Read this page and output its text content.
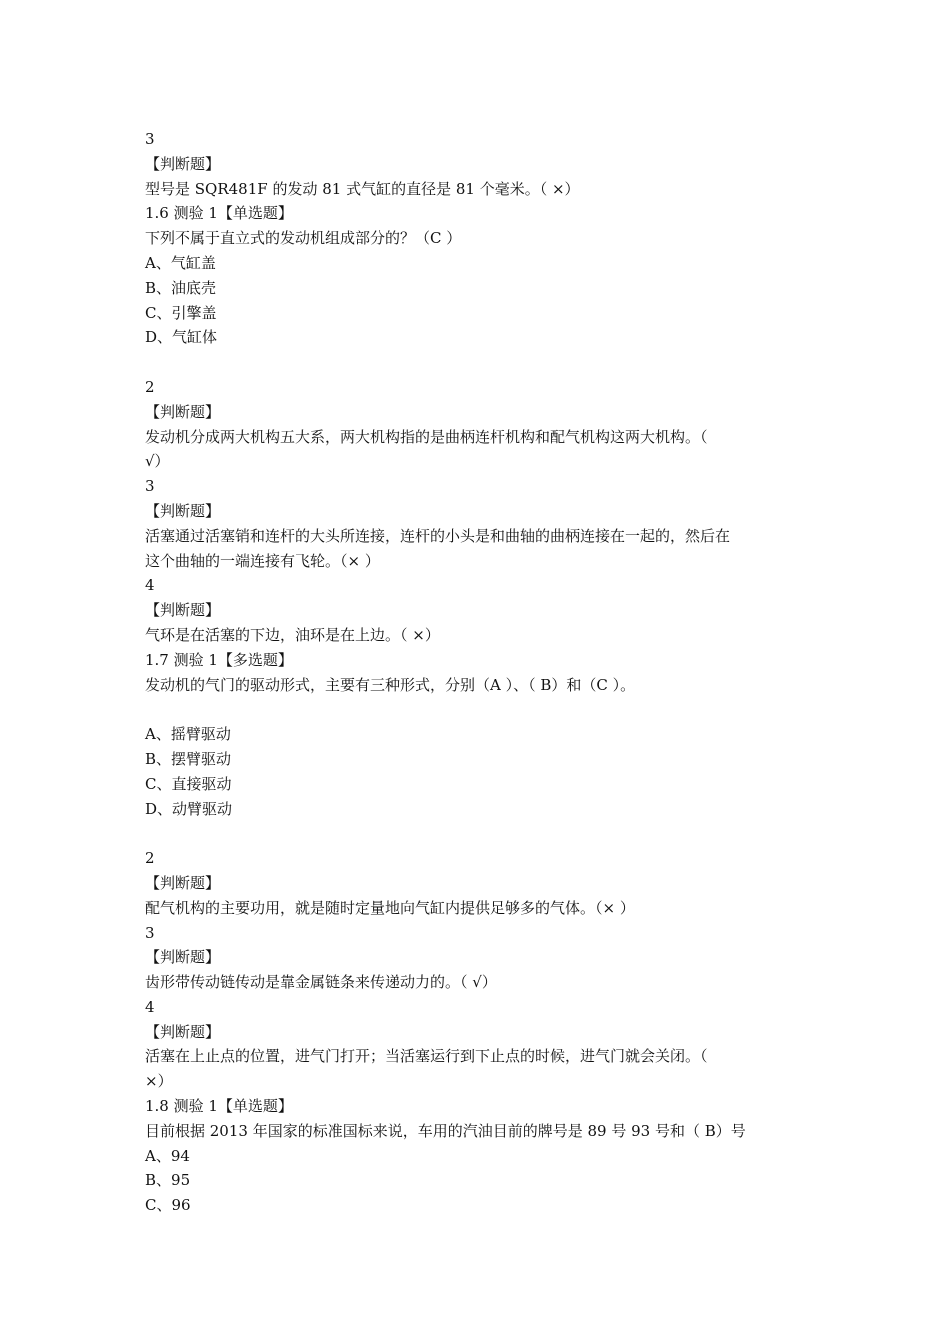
3
【判断题】
型号是 SQR481F 的发动 81 式气缸的直径是 81 个毫米。（ ×）
1.6 测验 1【单选题】
下列不属于直立式的发动机组成部分的？（C ）
A、气缸盖
B、油底壳
C、引擎盖
D、气缸体
2
【判断题】
发动机分成两大机构五大系，两大机构指的是曲柄连杆机构和配气机构这两大机构。（
√）
3
【判断题】
活塞通过活塞销和连杆的大头所连接，连杆的小头是和曲轴的曲柄连接在一起的，然后在
这个曲轴的一端连接有飞轮。（× ）
4
【判断题】
气环是在活塞的下边，油环是在上边。（ ×）
1.7 测验 1【多选题】
发动机的气门的驱动形式，主要有三种形式，分别（A ）、（ B）和（C ）。
A、摇臂驱动
B、摆臂驱动
C、直接驱动
D、动臂驱动
2
【判断题】
配气机构的主要功用，就是随时定量地向气缸内提供足够多的气体。（× ）
3
【判断题】
齿形带传动链传动是靠金属链条来传递动力的。（ √）
4
【判断题】
活塞在上止点的位置，进气门打开；当活塞运行到下止点的时候，进气门就会关闭。（
×）
1.8 测验 1【单选题】
目前根据 2013 年国家的标准国标来说，车用的汽油目前的牌号是 89 号 93 号和（ B）号
A、94
B、95
C、96
